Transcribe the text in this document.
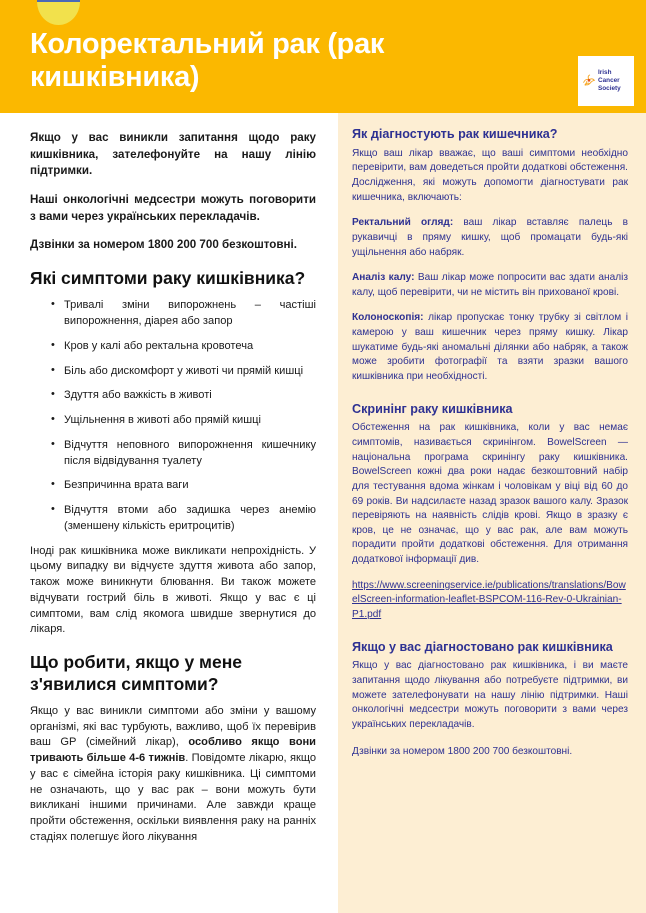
Колоректальний рак (рак кишківника)	Irish
Cancer
Society

Якщо у вас виникли запитання щодо раку кишківника, зателефонуйте на нашу лінію підтримки.

Наші онкологічні медсестри можуть поговорити з вами через українських перекладачів.

Дзвінки за номером 1800 200 700 безкоштовні.

Які симптоми раку кишківника?
• Тривалі зміни випорожнень – частіші випорожнення, діарея або запор
• Кров у калі або ректальна кровотеча
• Біль або дискомфорт у животі чи прямій кишці
• Здуття або важкість в животі
• Ущільнення в животі або прямій кишці
• Відчуття неповного випорожнення кишечнику після відвідування туалету
• Безпричинна врата ваги
• Відчуття втоми або задишка через анемію (зменшену кількість еритроцитів)

Іноді рак кишківника може викликати непрохідність. У цьому випадку ви відчуєте здуття живота або запор, також може виникнути блювання. Ви також можете відчувати гострий біль в животі. Якщо у вас є ці симптоми, вам слід якомога швидше звернутися до лікаря.

Що робити, якщо у мене з'явилися симптоми?

Якщо у вас виникли симптоми або зміни у вашому організмі, які вас турбують, важливо, щоб їх перевірив ваш GP (сімейний лікар), особливо якщо вони тривають більше 4-6 тижнів. Повідомте лікарю, якщо у вас є сімейна історія раку кишківника. Ці симптоми не означають, що у вас рак – вони можуть бути викликані іншими причинами. Але завжди краще пройти обстеження, оскільки виявлення раку на ранніх стадіях полегшує його лікування

Як діагностують рак кишечника?

Якщо ваш лікар вважає, що ваші симптоми необхідно перевірити, вам доведеться пройти додаткові обстеження. Дослідження, які можуть допомогти діагностувати рак кишечника, включають:

Ректальний огляд: ваш лікар вставляє палець в рукавичці в пряму кишку, щоб промацати будь-які ущільнення або набряк.

Аналіз калу: Ваш лікар може попросити вас здати аналіз калу, щоб перевірити, чи не містить він прихованої крові.

Колоноскопія: лікар пропускає тонку трубку зі світлом і камерою у ваш кишечник через пряму кишку. Лікар шукатиме будь-які аномальні ділянки або набряк, а також може зробити фотографії та взяти зразки вашого кишківника при необхідності.

Скринінг раку кишківника

Обстеження на рак кишківника, коли у вас немає симптомів, називається скринінгом. BowelScreen — національна програма скринінгу раку кишківника. BowelScreen кожні два роки надає безкоштовний набір для тестування вдома жінкам і чоловікам у віці від 60 до 69 років. Ви надсилаєте назад зразок вашого калу. Зразок перевіряють на наявність слідів крові. Якщо в зразку є кров, це не означає, що у вас рак, але вам можуть порадити пройти додаткові обстеження. Для отримання додаткової інформації див.

https://www.screeningservice.ie/publications/translations/BowelScreen-information-leaflet-BSPCOM-116-Rev-0-Ukrainian-P1.pdf
Якщо у вас діагностовано рак кишківника

Якщо у вас діагностовано рак кишківника, і ви маєте запитання щодо лікування або потребуєте підтримки, ви можете зателефонувати на нашу лінію підтримки. Наші онкологічні медсестри можуть поговорити з вами через українських перекладачів.

Дзвінки за номером 1800 200 700 безкоштовні.
